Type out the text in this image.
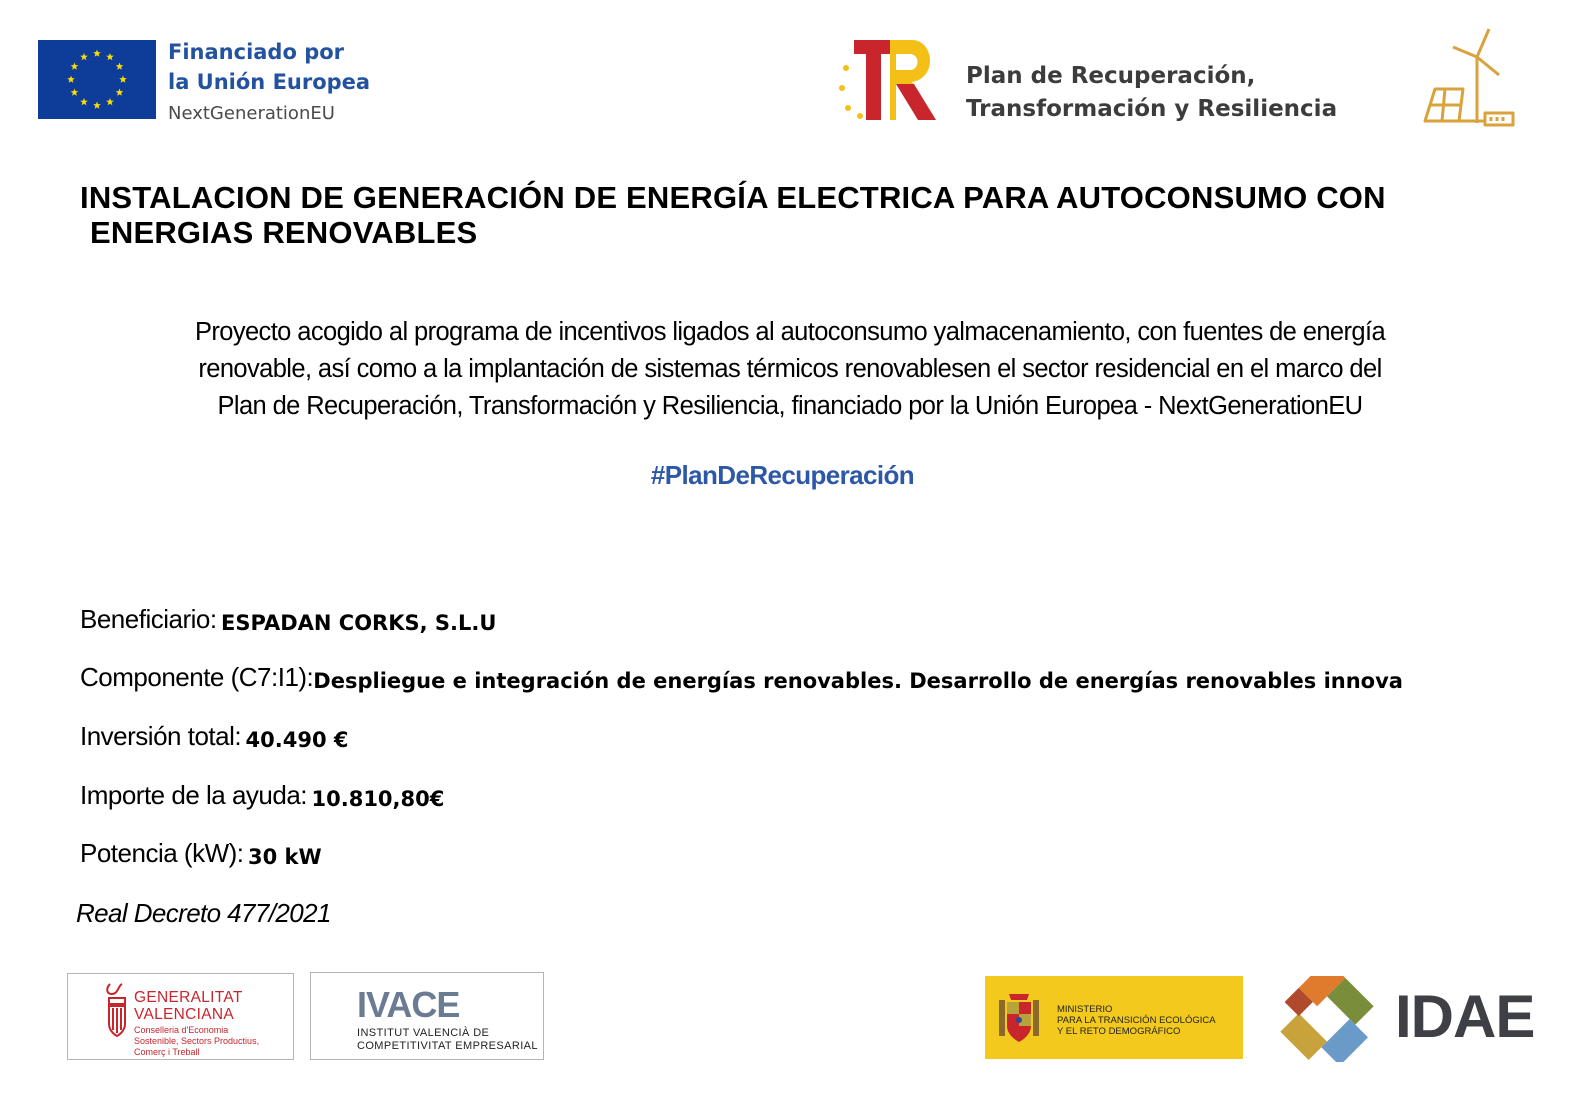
Financiado por
la Unión Europea
NextGenerationEU
Plan de Recuperación,
Transformación y Resiliencia
INSTALACION DE GENERACIÓN DE ENERGÍA ELECTRICA PARA AUTOCONSUMO CON
ENERGIAS RENOVABLES
Proyecto acogido al programa de incentivos ligados al autoconsumo yalmacenamiento, con fuentes de energía
renovable, así como a la implantación de sistemas térmicos renovablesen el sector residencial en el marco del
Plan de Recuperación, Transformación y Resiliencia, financiado por la Unión Europea - NextGenerationEU
#PlanDeRecuperación
Beneficiario: ESPADAN CORKS, S.L.U
Componente (C7:I1):Despliegue e integración de energías renovables. Desarrollo de energías renovables innova
Inversión total: 40.490 €
Importe de la ayuda: 10.810,80€
Potencia (kW): 30 kW
Real Decreto 477/2021
GENERALITAT
VALENCIANA
Conselleria d'Economia
Sostenible, Sectors Productius,
Comerç i Treball
IVACE
INSTITUT VALENCIÀ DE
COMPETITIVITAT EMPRESARIAL
MINISTERIO
PARA LA TRANSICIÓN ECOLÓGICA
Y EL RETO DEMOGRÁFICO	IDAE
